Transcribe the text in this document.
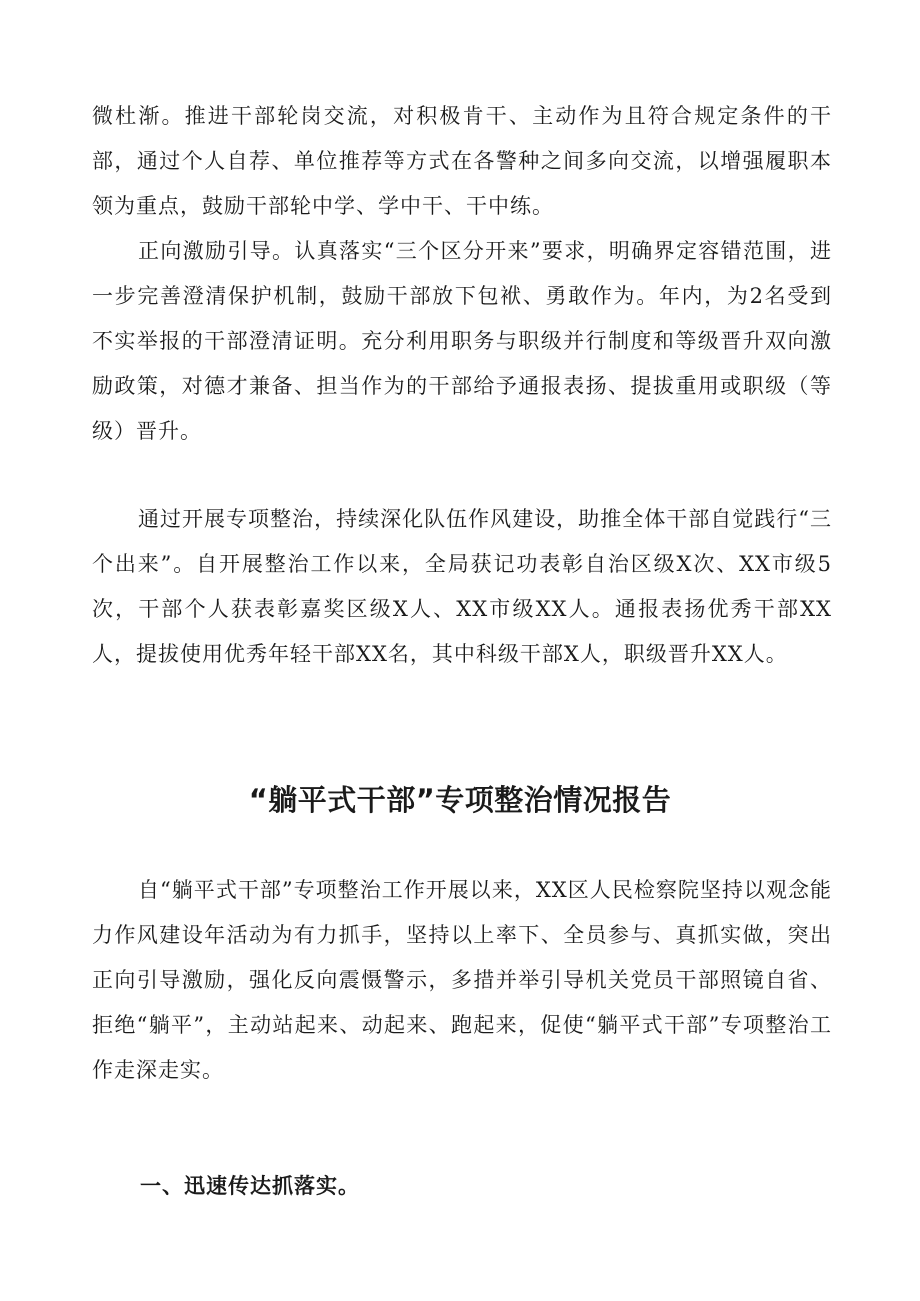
微杜渐。推进干部轮岗交流，对积极肯干、主动作为且符合规定条件的干部，通过个人自荐、单位推荐等方式在各警种之间多向交流，以增强履职本领为重点，鼓励干部轮中学、学中干、干中练。

正向激励引导。认真落实“三个区分开来”要求，明确界定容错范围，进一步完善澄清保护机制，鼓励干部放下包袱、勇敢作为。年内，为2名受到不实举报的干部澄清证明。充分利用职务与职级并行制度和等级晋升双向激励政策，对德才兼备、担当作为的干部给予通报表扬、提拔重用或职级（等级）晋升。

通过开展专项整治，持续深化队伍作风建设，助推全体干部自觉践行“三个出来”。自开展整治工作以来，全局获记功表彰自治区级X次、XX市级5次，干部个人获表彰嘉奖区级X人、XX市级XX人。通报表扬优秀干部XX人，提拔使用优秀年轻干部XX名，其中科级干部X人，职级晋升XX人。

“躺平式干部”专项整治情况报告

自“躺平式干部”专项整治工作开展以来，XX区人民检察院坚持以观念能力作风建设年活动为有力抓手，坚持以上率下、全员参与、真抓实做，突出正向引导激励，强化反向震慑警示，多措并举引导机关党员干部照镜自省、拒绝“躺平”，主动站起来、动起来、跑起来，促使“躺平式干部”专项整治工作走深走实。

一、迅速传达抓落实。
